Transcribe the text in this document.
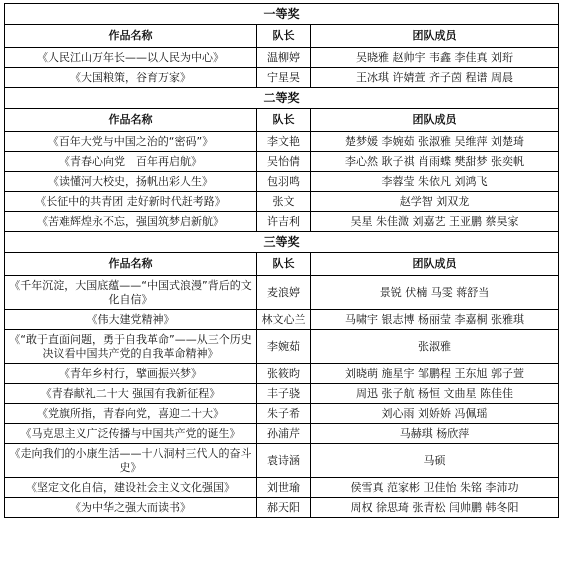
一等奖		
作品名称	队长	团队成员
《人民江山万年长——以人民为中心》	温柳婷	吴晓雅 赵帅宇 韦鑫 李佳真 刘珩
《大国粮策，谷育万家》	宁星昊	王冰琪 许婧萱 齐子茵 程谱 周晨
二等奖		
作品名称	队长	团队成员
《百年大党与中国之治的“密码”》	李文艳	楚梦媛 李婉茹 张淑雅 吴维萍 刘楚琦
《青春心向党　百年再启航》	吴怡倩	李心然 耿子祺 肖雨蝶 樊甜梦 张奕帆
《读懂河大校史，扬帆出彩人生》	包羽鸣	李蓉莹 朱依凡 刘鸿飞
《长征中的共青团 走好新时代赶考路》	张文	赵学智 刘双龙
《苦难辉煌永不忘，强国筑梦启新航》	许吉利	吴星 朱佳溦 刘嘉艺 王亚鹏 蔡昊家
三等奖		
作品名称	队长	团队成员
《千年沉淀，大国底蕴——“中国式浪漫”背后的文化自信》	麦浪婷	景锐 伏楠 马雯 蒋舒当
《伟大建党精神》	林文心兰	马啸宇 银志博 杨丽莹 李嘉桐 张雅琪
《“敢于直面问题，勇于自我革命”——从三个历史决议看中国共产党的自我革命精神》	李婉茹	张淑雅
《青年乡村行，擘画振兴梦》	张筱昀	刘晓萌 施星宇 邹鹏程 王东旭 郭子萱
《青春献礼二十大 强国有我新征程》	丰子骁	周迅 张子航 杨恒 文曲星 陈佳佳
《党旗所指，青春向党，喜迎二十大》	朱子希	刘心雨 刘娇娇 冯佩瑶
《马克思主义广泛传播与中国共产党的诞生》	孙浦芹	马赫琪 杨欣萍
《走向我们的小康生活——十八洞村三代人的奋斗史》	袁诗涵	马硕
《坚定文化自信，建设社会主义文化强国》	刘世瑜	侯雪真 范家彬 卫佳怡 朱铭 李沛功
《为中华之强大而读书》	郝天阳	周权 徐思琦 张青松 闫帅鹏 韩冬阳
